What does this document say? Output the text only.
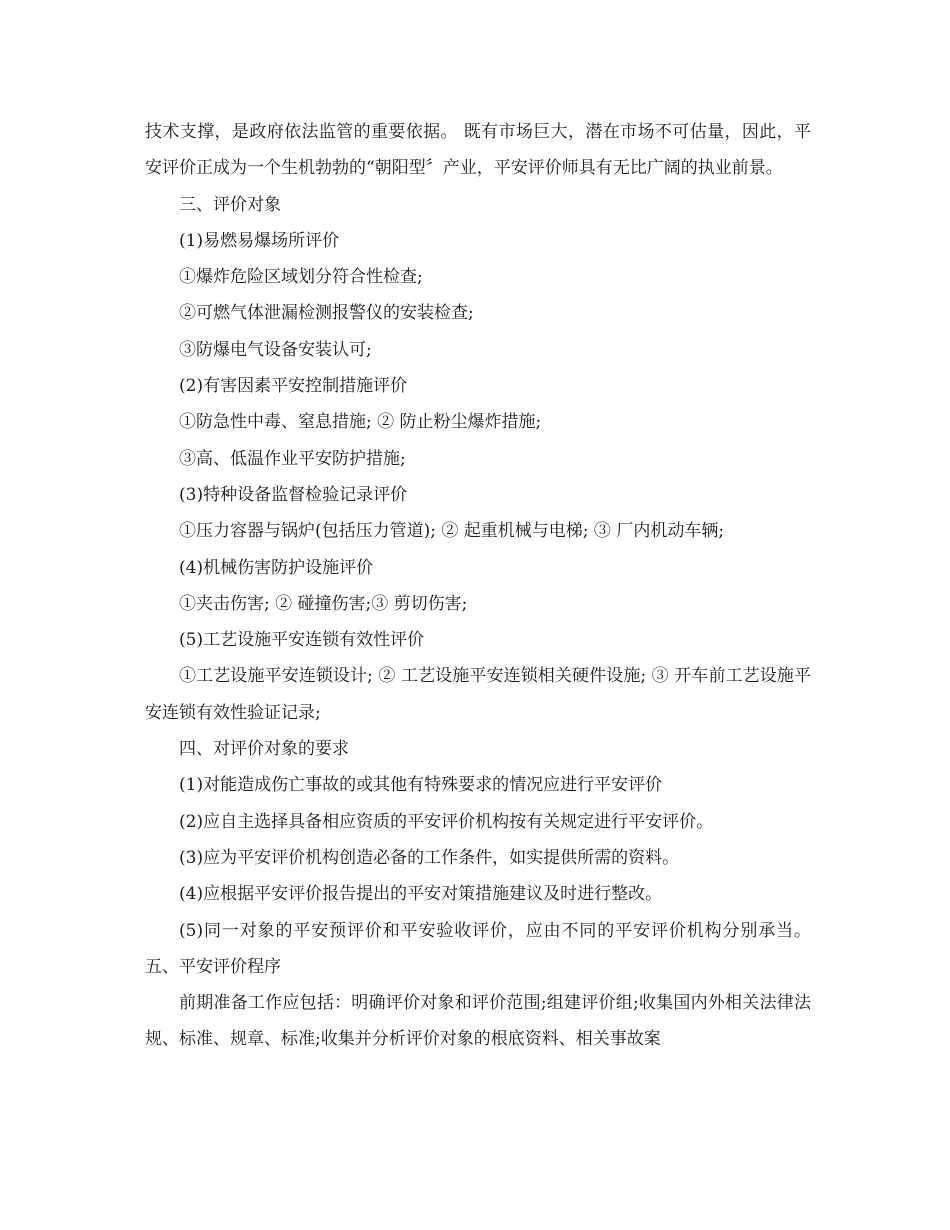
技术支撑，是政府依法监管的重要依据。 既有市场巨大，潜在市场不可估量，因此，平安评价正成为一个生机勃勃的“朝阳型〞产业，平安评价师具有无比广阔的执业前景。

三、评价对象

(1)易燃易爆场所评价

①爆炸危险区域划分符合性检查;

②可燃气体泄漏检测报警仪的安装检查;

③防爆电气设备安装认可;

(2)有害因素平安控制措施评价

①防急性中毒、窒息措施; ② 防止粉尘爆炸措施;

③高、低温作业平安防护措施;

(3)特种设备监督检验记录评价

①压力容器与锅炉(包括压力管道); ② 起重机械与电梯; ③ 厂内机动车辆;

(4)机械伤害防护设施评价

①夹击伤害; ② 碰撞伤害;③ 剪切伤害;

(5)工艺设施平安连锁有效性评价

①工艺设施平安连锁设计; ② 工艺设施平安连锁相关硬件设施; ③ 开车前工艺设施平安连锁有效性验证记录;

四、对评价对象的要求

(1)对能造成伤亡事故的或其他有特殊要求的情况应进行平安评价

(2)应自主选择具备相应资质的平安评价机构按有关规定进行平安评价。

(3)应为平安评价机构创造必备的工作条件，如实提供所需的资料。

(4)应根据平安评价报告提出的平安对策措施建议及时进行整改。

(5)同一对象的平安预评价和平安验收评价，应由不同的平安评价机构分别承当。 五、平安评价程序

前期准备工作应包括：明确评价对象和评价范围;组建评价组;收集国内外相关法律法规、标准、规章、标准;收集并分析评价对象的根底资料、相关事故案
